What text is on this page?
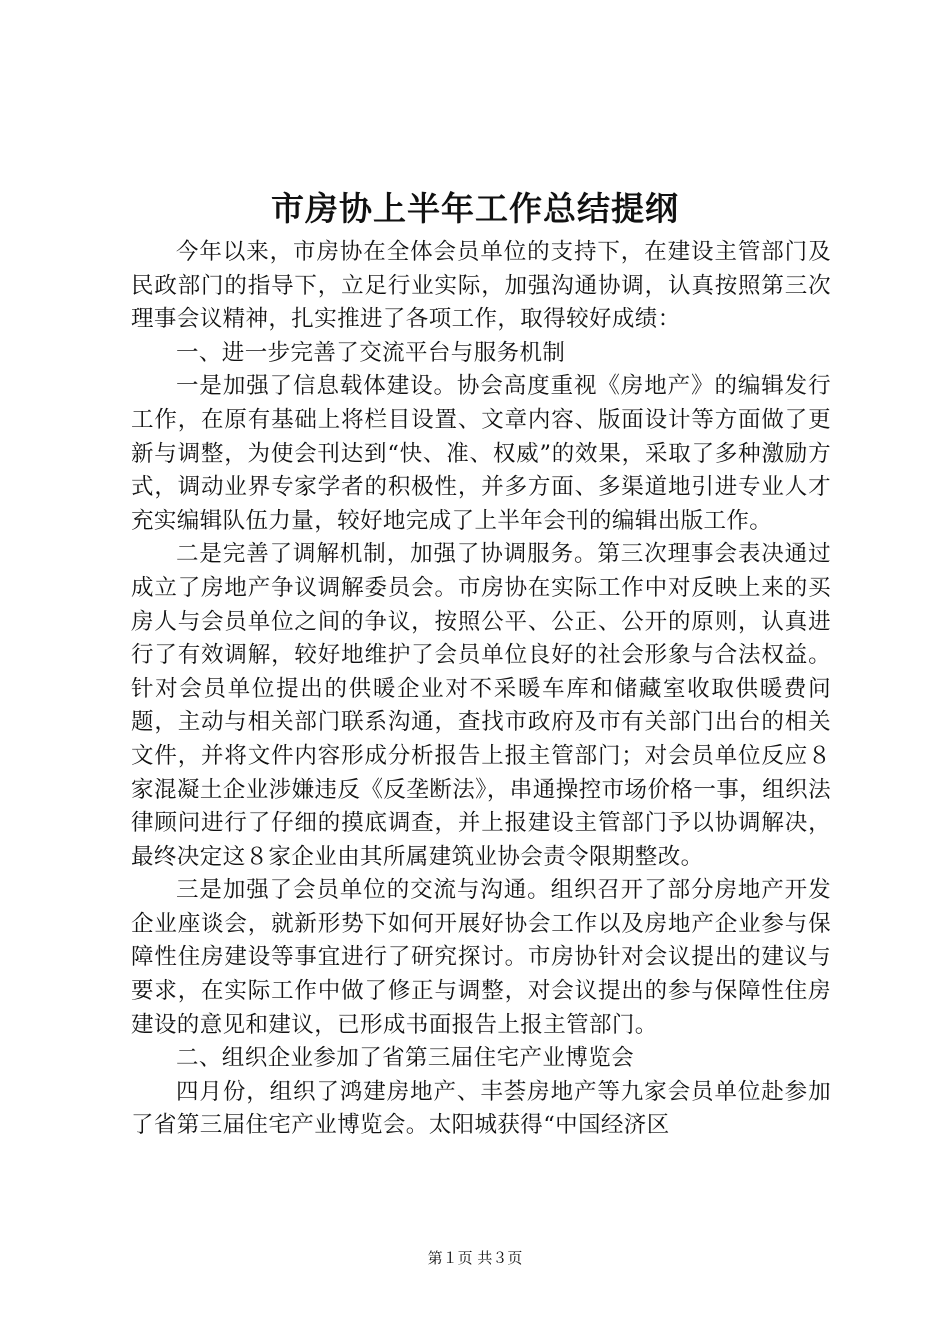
市房协上半年工作总结提纲

今年以来，市房协在全体会员单位的支持下，在建设主管部门及民政部门的指导下，立足行业实际，加强沟通协调，认真按照第三次理事会议精神，扎实推进了各项工作，取得较好成绩：

一、进一步完善了交流平台与服务机制

一是加强了信息载体建设。协会高度重视《房地产》的编辑发行工作，在原有基础上将栏目设置、文章内容、版面设计等方面做了更新与调整，为使会刊达到“快、准、权威”的效果，采取了多种激励方式，调动业界专家学者的积极性，并多方面、多渠道地引进专业人才充实编辑队伍力量，较好地完成了上半年会刊的编辑出版工作。

二是完善了调解机制，加强了协调服务。第三次理事会表决通过成立了房地产争议调解委员会。市房协在实际工作中对反映上来的买房人与会员单位之间的争议，按照公平、公正、公开的原则，认真进行了有效调解，较好地维护了会员单位良好的社会形象与合法权益。针对会员单位提出的供暖企业对不采暖车库和储藏室收取供暖费问题，主动与相关部门联系沟通，查找市政府及市有关部门出台的相关文件，并将文件内容形成分析报告上报主管部门；对会员单位反应８家混凝土企业涉嫌违反《反垄断法》，串通操控市场价格一事，组织法律顾问进行了仔细的摸底调查，并上报建设主管部门予以协调解决，最终决定这８家企业由其所属建筑业协会责令限期整改。

三是加强了会员单位的交流与沟通。组织召开了部分房地产开发企业座谈会，就新形势下如何开展好协会工作以及房地产企业参与保障性住房建设等事宜进行了研究探讨。市房协针对会议提出的建议与要求，在实际工作中做了修正与调整，对会议提出的参与保障性住房建设的意见和建议，已形成书面报告上报主管部门。

二、组织企业参加了省第三届住宅产业博览会

四月份，组织了鸿建房地产、丰荟房地产等九家会员单位赴参加了省第三届住宅产业博览会。太阳城获得“中国经济区

第１页 共３页
